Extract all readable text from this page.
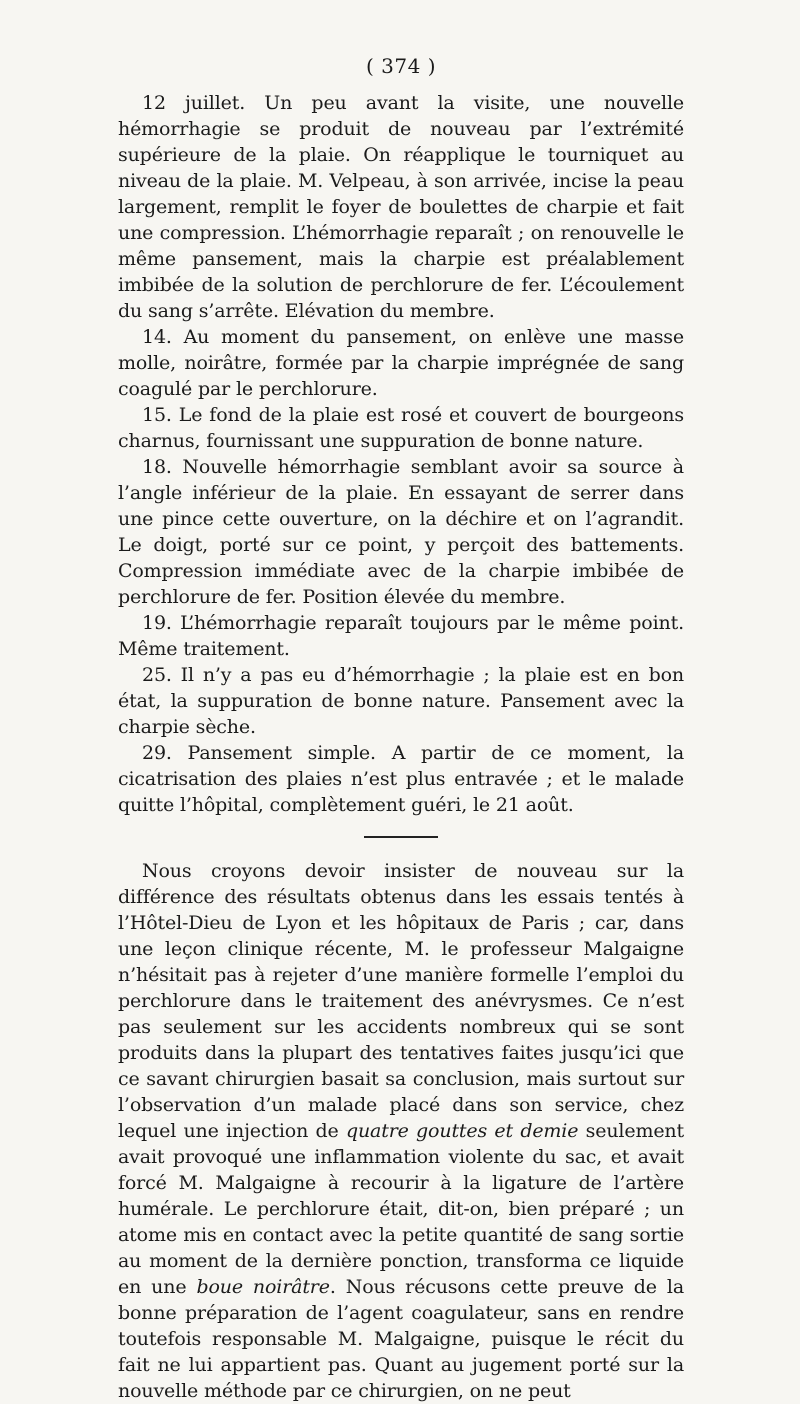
( 374 )

12 juillet. Un peu avant la visite, une nouvelle hémorrhagie se produit de nouveau par l’extrémité supérieure de la plaie. On réapplique le tourniquet au niveau de la plaie. M. Velpeau, à son arrivée, incise la peau largement, remplit le foyer de boulettes de charpie et fait une compression. L’hémorrhagie reparaît ; on renouvelle le même pansement, mais la charpie est préalablement imbibée de la solution de perchlorure de fer. L’écoulement du sang s’arrête. Elévation du membre.

14. Au moment du pansement, on enlève une masse molle, noirâtre, formée par la charpie imprégnée de sang coagulé par le perchlorure.

15. Le fond de la plaie est rosé et couvert de bourgeons charnus, fournissant une suppuration de bonne nature.

18. Nouvelle hémorrhagie semblant avoir sa source à l’angle inférieur de la plaie. En essayant de serrer dans une pince cette ouverture, on la déchire et on l’agrandit. Le doigt, porté sur ce point, y perçoit des battements. Compression immédiate avec de la charpie imbibée de perchlorure de fer. Position élevée du membre.

19. L’hémorrhagie reparaît toujours par le même point. Même traitement.

25. Il n’y a pas eu d’hémorrhagie ; la plaie est en bon état, la suppuration de bonne nature. Pansement avec la charpie sèche.

29. Pansement simple. A partir de ce moment, la cicatrisation des plaies n’est plus entravée ; et le malade quitte l’hôpital, complètement guéri, le 21 août.

Nous croyons devoir insister de nouveau sur la différence des résultats obtenus dans les essais tentés à l’Hôtel-Dieu de Lyon et les hôpitaux de Paris ; car, dans une leçon clinique récente, M. le professeur Malgaigne n’hésitait pas à rejeter d’une manière formelle l’emploi du perchlorure dans le traitement des anévrysmes. Ce n’est pas seulement sur les accidents nombreux qui se sont produits dans la plupart des tentatives faites jusqu’ici que ce savant chirurgien basait sa conclusion, mais surtout sur l’observation d’un malade placé dans son service, chez lequel une injection de quatre gouttes et demie seulement avait provoqué une inflammation violente du sac, et avait forcé M. Malgaigne à recourir à la ligature de l’artère humérale. Le perchlorure était, dit-on, bien préparé ; un atome mis en contact avec la petite quantité de sang sortie au moment de la dernière ponction, transforma ce liquide en une boue noirâtre. Nous récusons cette preuve de la bonne préparation de l’agent coagulateur, sans en rendre toutefois responsable M. Malgaigne, puisque le récit du fait ne lui appartient pas. Quant au jugement porté sur la nouvelle méthode par ce chirurgien, on ne peut
